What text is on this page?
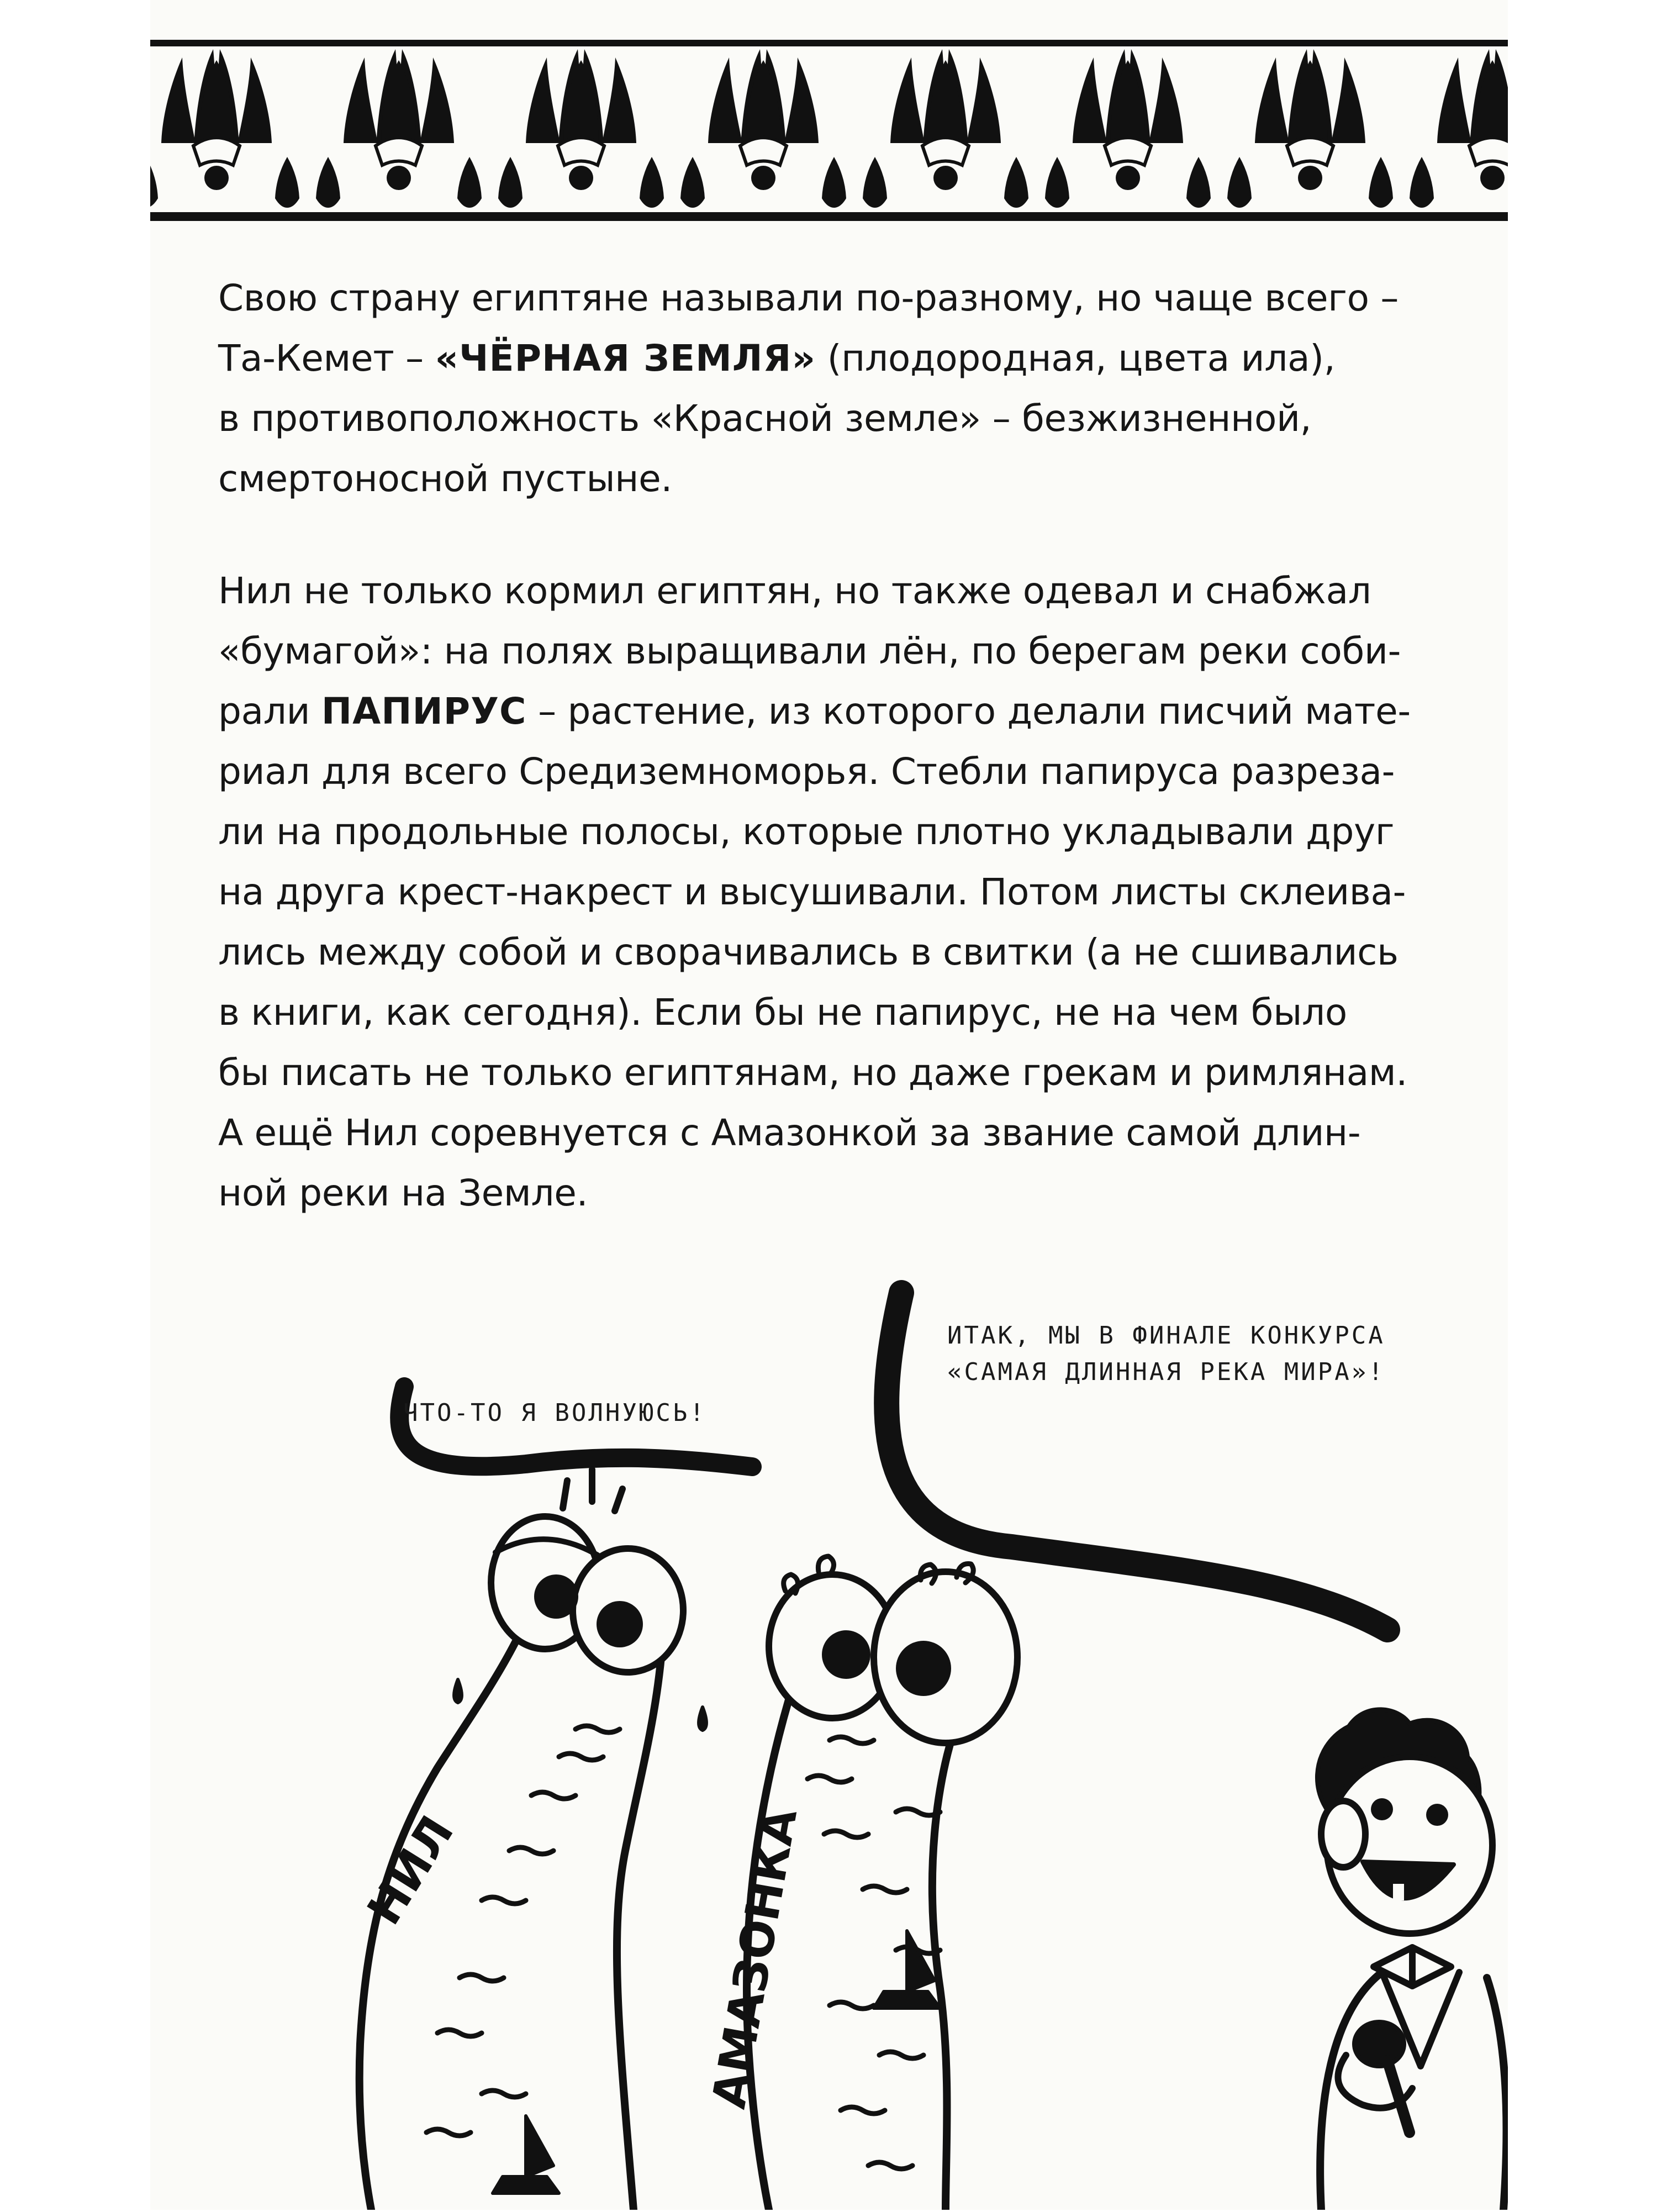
Свою страну египтяне называли по-разному, но чаще всего –
Та-Кемет – «ЧЁРНАЯ ЗЕМЛЯ» (плодородная, цвета ила),
в противоположность «Красной земле» – безжизненной,
смертоносной пустыне.

Нил не только кормил египтян, но также одевал и снабжал
«бумагой»: на полях выращивали лён, по берегам реки соби-
рали ПАПИРУС – растение, из которого делали писчий мате-
риал для всего Средиземноморья. Стебли папируса разреза-
ли на продольные полосы, которые плотно укладывали друг
на друга крест-накрест и высушивали. Потом листы склеива-
лись между собой и сворачивались в свитки (а не сшивались
в книги, как сегодня). Если бы не папирус, не на чем было
бы писать не только египтянам, но даже грекам и римлянам.
А ещё Нил соревнуется с Амазонкой за звание самой длин-
ной реки на Земле.

НИЛ	АМАЗОНКА
ИТАК, МЫ В ФИНАЛЕ КОНКУРСА
«САМАЯ ДЛИННАЯ РЕКА МИРА»!
ЧТО-ТО Я ВОЛНУЮСЬ!
